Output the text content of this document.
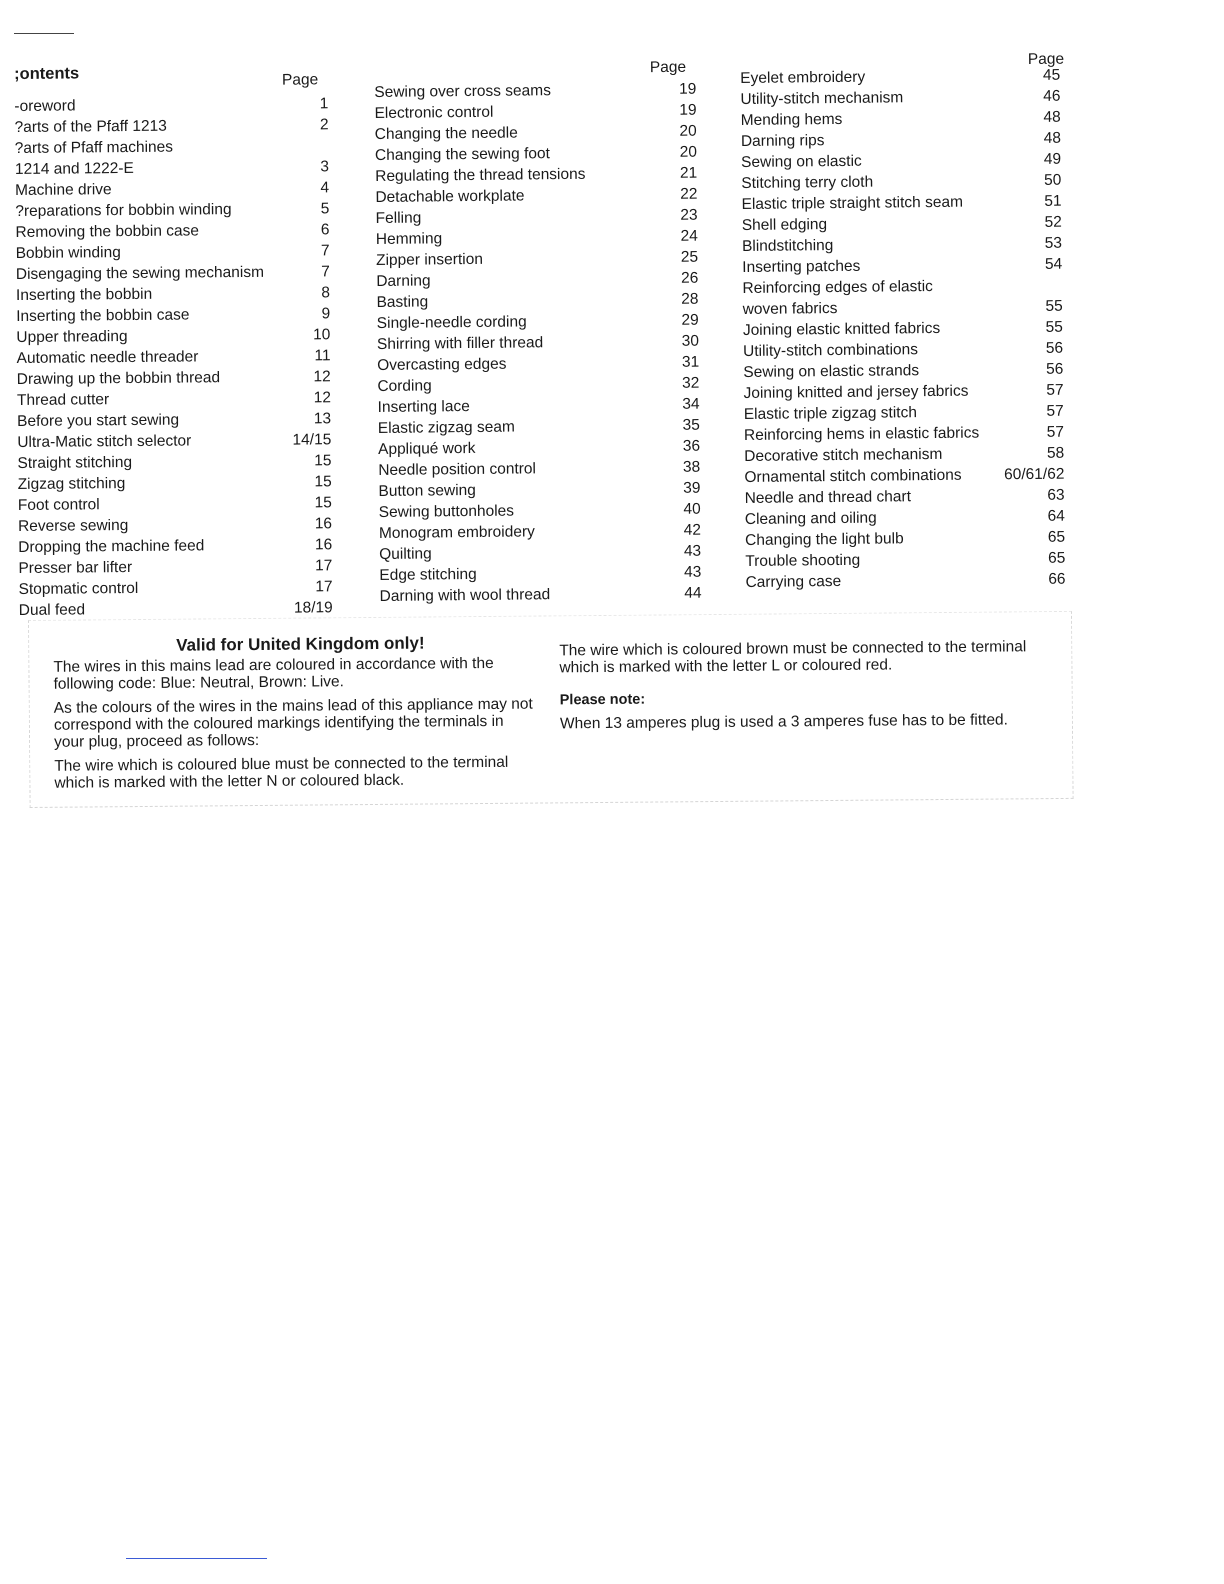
;ontents	Page
-oreword	1
?arts of the Pfaff 1213	2
?arts of Pfaff machines
1214 and 1222-E	3
Machine drive	4
?reparations for bobbin winding	5
Removing the bobbin case	6
Bobbin winding	7
Disengaging the sewing mechanism	7
Inserting the bobbin	8
Inserting the bobbin case	9
Upper threading	10
Automatic needle threader	11
Drawing up the bobbin thread	12
Thread cutter	12
Before you start sewing	13
Ultra-Matic stitch selector	14/15
Straight stitching	15
Zigzag stitching	15
Foot control	15
Reverse sewing	16
Dropping the machine feed	16
Presser bar lifter	17
Stopmatic control	17
Dual feed	18/19
Page
Sewing over cross seams	19
Electronic control	19
Changing the needle	20
Changing the sewing foot	20
Regulating the thread tensions	21
Detachable workplate	22
Felling	23
Hemming	24
Zipper insertion	25
Darning	26
Basting	28
Single-needle cording	29
Shirring with filler thread	30
Overcasting edges	31
Cording	32
Inserting lace	34
Elastic zigzag seam	35
Appliqué work	36
Needle position control	38
Button sewing	39
Sewing buttonholes	40
Monogram embroidery	42
Quilting	43
Edge stitching	43
Darning with wool thread	44
Page
Eyelet embroidery	45
Utility-stitch mechanism	46
Mending hems	48
Darning rips	48
Sewing on elastic	49
Stitching terry cloth	50
Elastic triple straight stitch seam	51
Shell edging	52
Blindstitching	53
Inserting patches	54
Reinforcing edges of elastic
woven fabrics	55
Joining elastic knitted fabrics	55
Utility-stitch combinations	56
Sewing on elastic strands	56
Joining knitted and jersey fabrics	57
Elastic triple zigzag stitch	57
Reinforcing hems in elastic fabrics	57
Decorative stitch mechanism	58
Ornamental stitch combinations	60/61/62
Needle and thread chart	63
Cleaning and oiling	64
Changing the light bulb	65
Trouble shooting	65
Carrying case	66
Valid for United Kingdom only!

The wires in this mains lead are coloured in accordance with the following code: Blue: Neutral, Brown: Live.

As the colours of the wires in the mains lead of this appliance may not correspond with the coloured markings identifying the terminals in your plug, proceed as follows:

The wire which is coloured blue must be connected to the terminal which is marked with the letter N or coloured black.

The wire which is coloured brown must be connected to the terminal which is marked with the letter L or coloured red.

Please note:

When 13 amperes plug is used a 3 amperes fuse has to be fitted.
